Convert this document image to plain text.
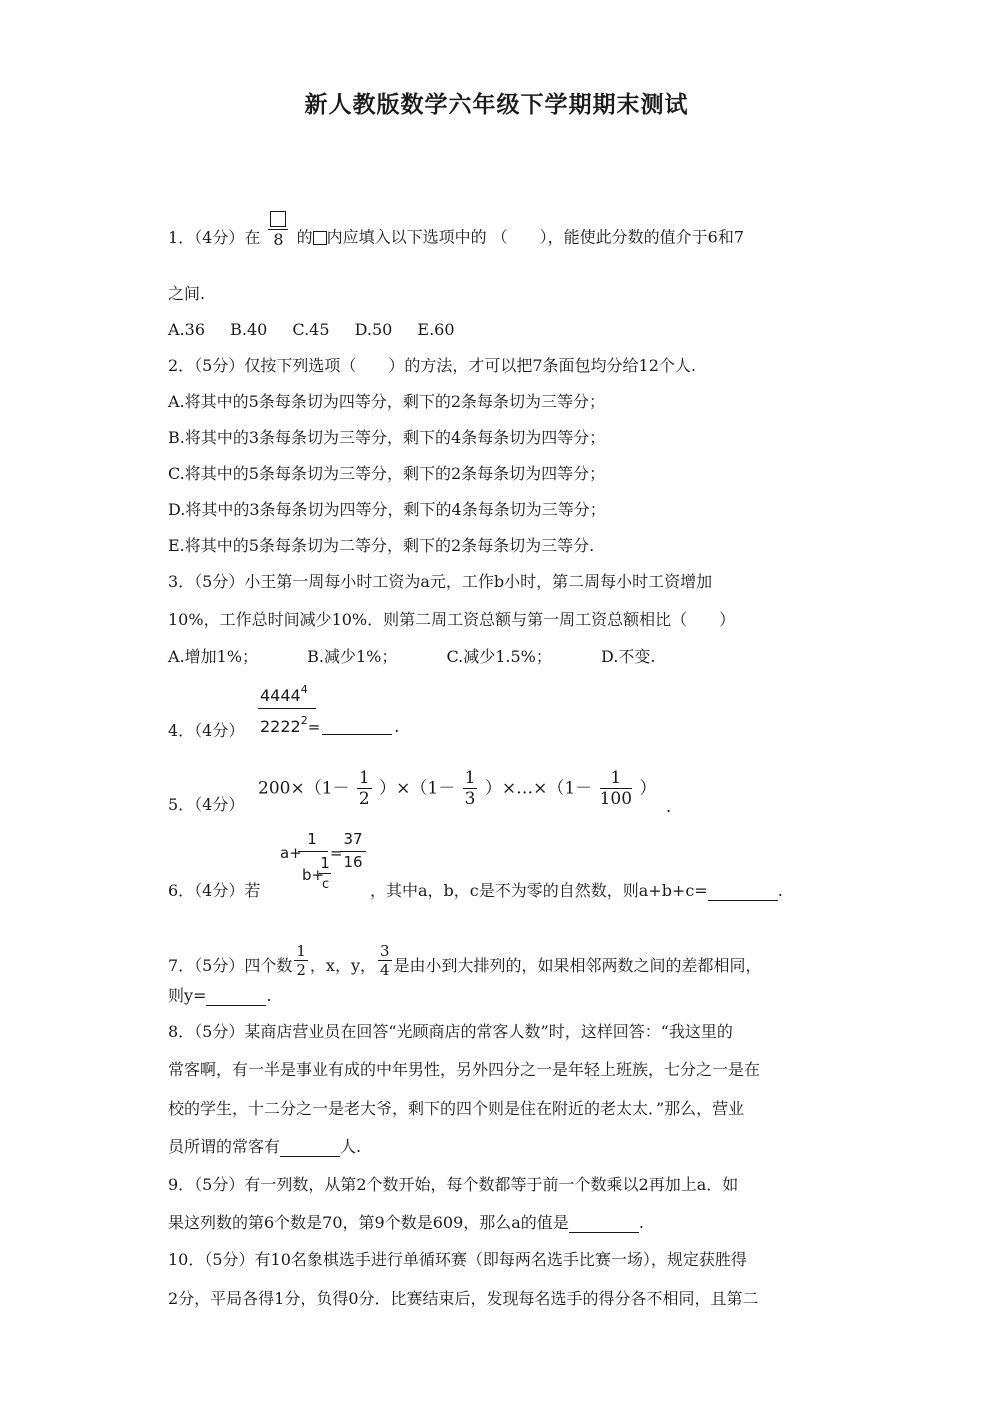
新人教版数学六年级下学期期末测试
1．（4分）在 8 的 内应填入以下选项中的 （　　），能使此分数的值介于6和7
之间.
A.36 B.40 C.45 D.50 E.60
2．（5分）仅按下列选项（　　）的方法，才可以把7条面包均分给12个人.
A.将其中的5条每条切为四等分，剩下的2条每条切为三等分；
B.将其中的3条每条切为三等分，剩下的4条每条切为四等分；
C.将其中的5条每条切为三等分，剩下的2条每条切为四等分；
D.将其中的3条每条切为四等分，剩下的4条每条切为三等分；
E.将其中的5条每条切为二等分，剩下的2条每条切为三等分.
3．（5分）小王第一周每小时工资为a元，工作b小时，第二周每小时工资增加
10%，工作总时间减少10%．则第二周工资总额与第一周工资总额相比（　　）
A.增加1%；	B.减少1%；	C.减少1.5%；	D.不变.
4．（4分）
4444$^4$
$2222^2=$	.
5．（4分）
$200\times(1- \frac{1}{2} )\times(1- \frac{1}{3}$ ）×…×（1－ $\frac{1}{100}$ ）
.
6．（4分）若
a+
1
b+
1
c
=
37
16
，其中a，b，c是不为零的自然数，则a+b+c=	.
7．（5分）四个数 $\frac{1}{2}$ ，x，y， $\frac{3}{4}$ 是由小到大排列的，如果相邻两数之间的差都相同，
则y=	.
8．（5分）某商店营业员在回答“光顾商店的常客人数”时，这样回答：“我这里的
常客啊，有一半是事业有成的中年男性，另外四分之一是年轻上班族，七分之一是在
校的学生，十二分之一是老大爷，剩下的四个则是住在附近的老太太．”那么，营业
员所谓的常客有	人.
9．（5分）有一列数，从第2个数开始，每个数都等于前一个数乘以2再加上a．如
果这列数的第6个数是70，第9个数是609，那么a的值是	.
10．（5分）有10名象棋选手进行单循环赛（即每两名选手比赛一场），规定获胜得
2分，平局各得1分，负得0分．比赛结束后，发现每名选手的得分各不相同，且第二
